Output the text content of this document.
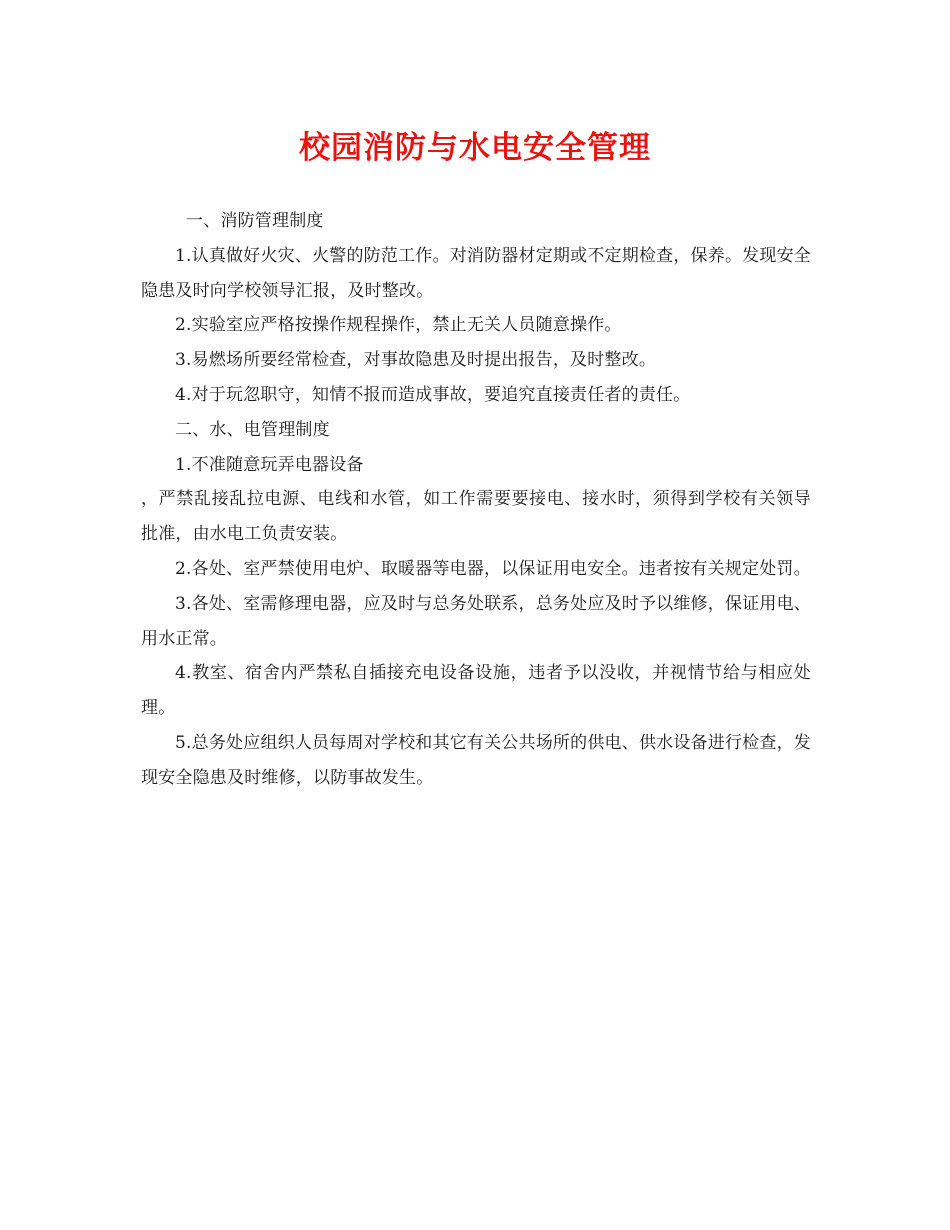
校园消防与水电安全管理

一、消防管理制度

1.认真做好火灾、火警的防范工作。对消防器材定期或不定期检查，保养。发现安全隐患及时向学校领导汇报，及时整改。

2.实验室应严格按操作规程操作，禁止无关人员随意操作。

3.易燃场所要经常检查，对事故隐患及时提出报告，及时整改。

4.对于玩忽职守，知情不报而造成事故，要追究直接责任者的责任。

二、水、电管理制度

1.不准随意玩弄电器设备

，严禁乱接乱拉电源、电线和水管，如工作需要要接电、接水时，须得到学校有关领导批准，由水电工负责安装。

2.各处、室严禁使用电炉、取暖器等电器，以保证用电安全。违者按有关规定处罚。

3.各处、室需修理电器，应及时与总务处联系，总务处应及时予以维修，保证用电、用水正常。

4.教室、宿舍内严禁私自插接充电设备设施，违者予以没收，并视情节给与相应处理。

5.总务处应组织人员每周对学校和其它有关公共场所的供电、供水设备进行检查，发现安全隐患及时维修，以防事故发生。
